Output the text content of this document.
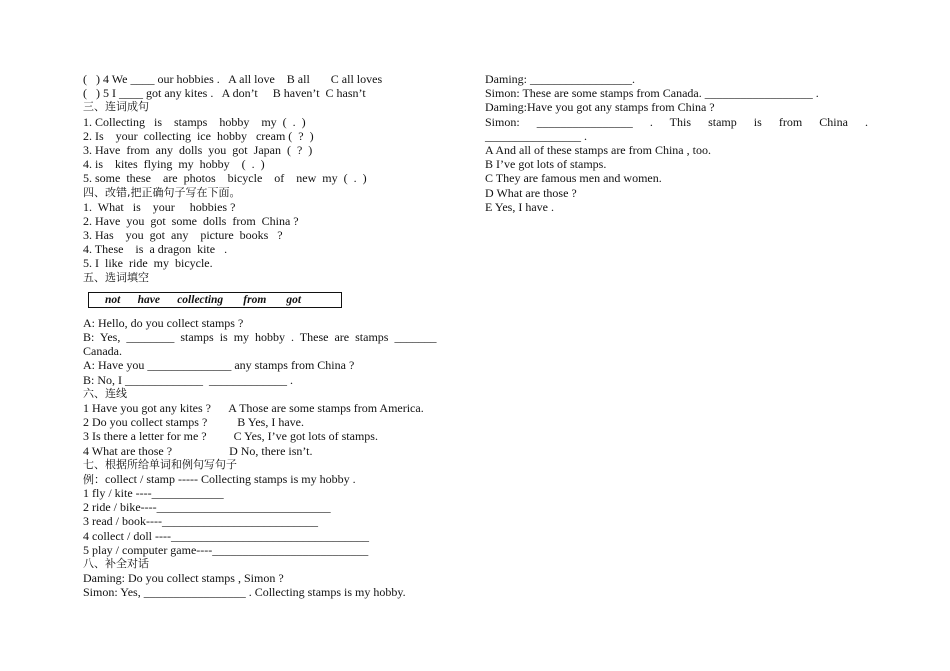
(   ) 4 We ____ our hobbies .   A all love    B all       C all loves
(   ) 5 I ____ got any kites .   A don’t     B haven’t  C hasn’t
三、连词成句
1. Collecting   is    stamps    hobby    my  (  .  )
2. Is    your  collecting  ice  hobby   cream (  ?  )
3. Have  from  any  dolls  you  got  Japan  (  ?  )
4. is    kites  flying  my  hobby    (  .  )
5. some  these    are  photos    bicycle    of    new  my  (  .  )
四、改错,把正确句子写在下面。
1.  What   is    your     hobbies ?
2. Have  you  got  some  dolls  from  China ?
3. Has    you  got  any    picture  books   ?
4. These    is  a dragon  kite   .
5. I  like  ride  my  bicycle.
五、选词填空
not      have      collecting       from       got
A: Hello, do you collect stamps ?
B:  Yes,  ________  stamps  is  my  hobby  .  These  are  stamps  _______
Canada.
A: Have you ______________ any stamps from China ?
B: No, I _____________  _____________ .
六、连线
1 Have you got any kites ?      A Those are some stamps from America.
2 Do you collect stamps ?          B Yes, I have.
3 Is there a letter for me ?         C Yes, I’ve got lots of stamps.
4 What are those ?                   D No, there isn’t.
七、根据所给单词和例句写句子
例：collect / stamp ----- Collecting stamps is my hobby .
1 fly / kite ----____________
2 ride / bike----_____________________________
3 read / book----__________________________
4 collect / doll ----_________________________________
5 play / computer game----__________________________
八、补全对话
Daming: Do you collect stamps , Simon ?
Simon: Yes, _________________ . Collecting stamps is my hobby.
Daming: _________________.
Simon: These are some stamps from Canada. __________________ .
Daming:Have you got any stamps from China ?
Simon: ________________ . This stamp is from China .
________________ .
A And all of these stamps are from China , too.
B I’ve got lots of stamps.
C They are famous men and women.
D What are those ?
E Yes, I have .
